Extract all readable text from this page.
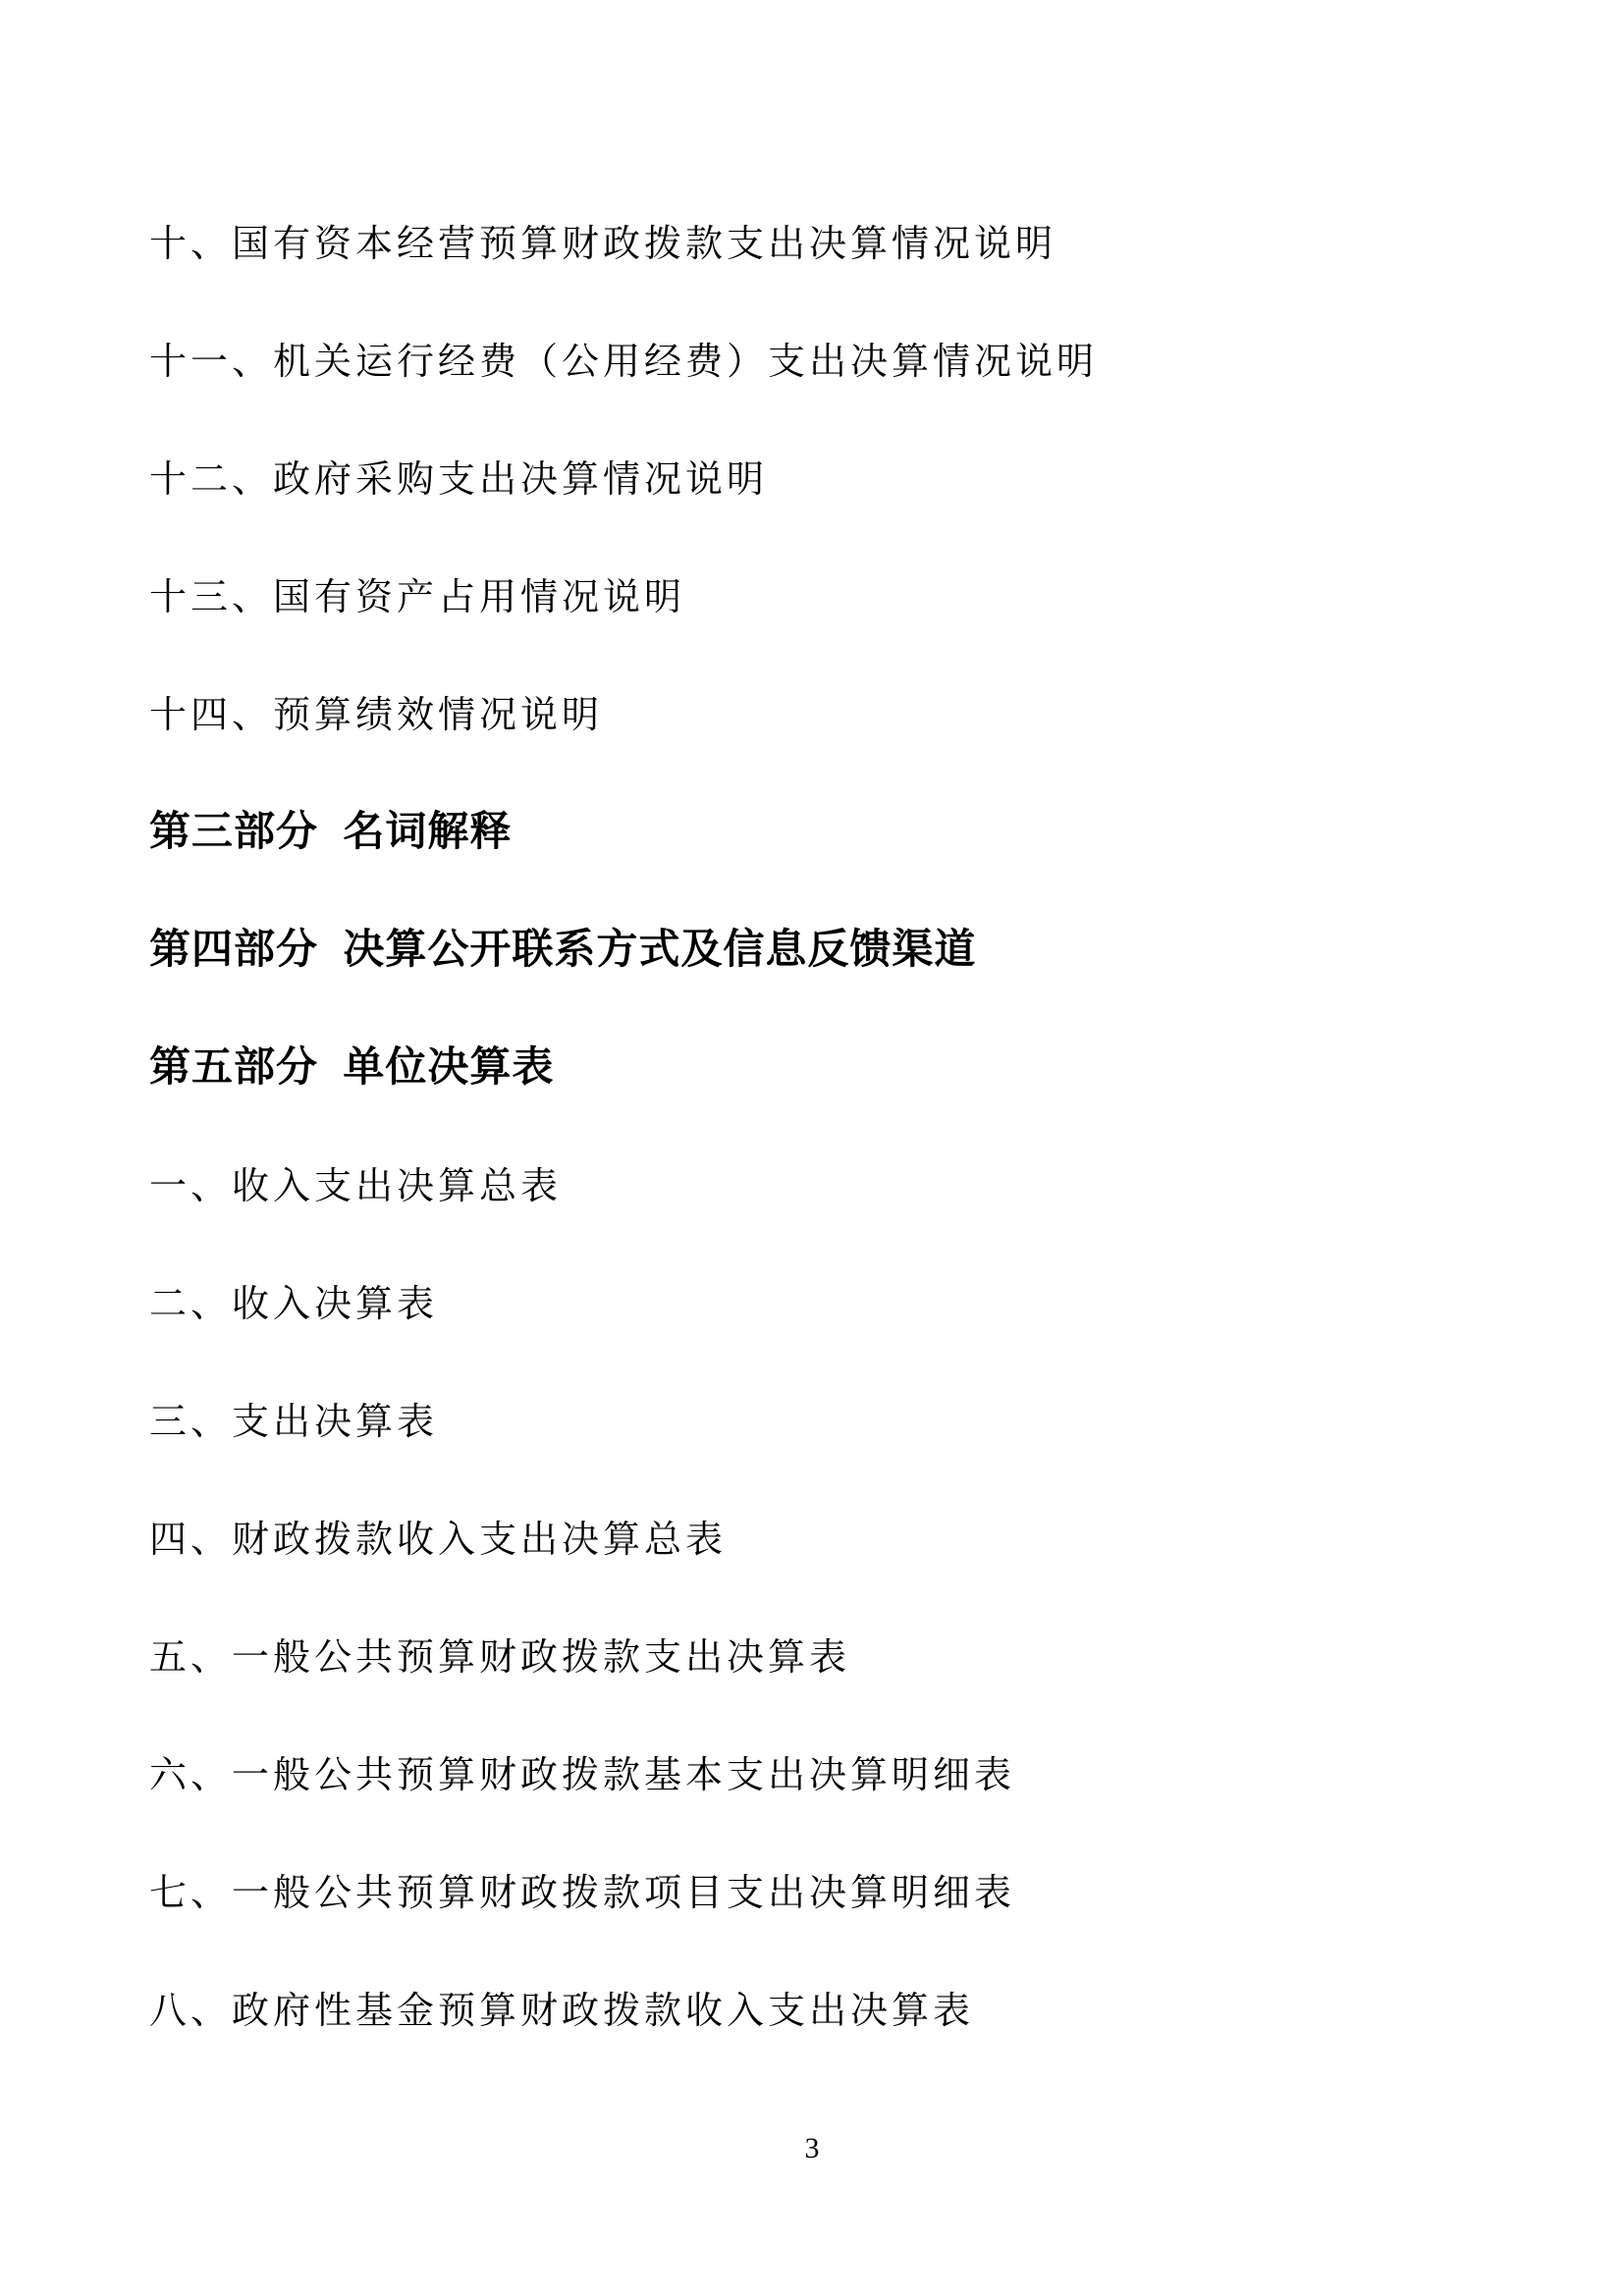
十、国有资本经营预算财政拨款支出决算情况说明
十一、机关运行经费（公用经费）支出决算情况说明
十二、政府采购支出决算情况说明
十三、国有资产占用情况说明
十四、预算绩效情况说明
第三部分  名词解释
第四部分  决算公开联系方式及信息反馈渠道
第五部分  单位决算表
一、收入支出决算总表
二、收入决算表
三、支出决算表
四、财政拨款收入支出决算总表
五、一般公共预算财政拨款支出决算表
六、一般公共预算财政拨款基本支出决算明细表
七、一般公共预算财政拨款项目支出决算明细表
八、政府性基金预算财政拨款收入支出决算表
3
